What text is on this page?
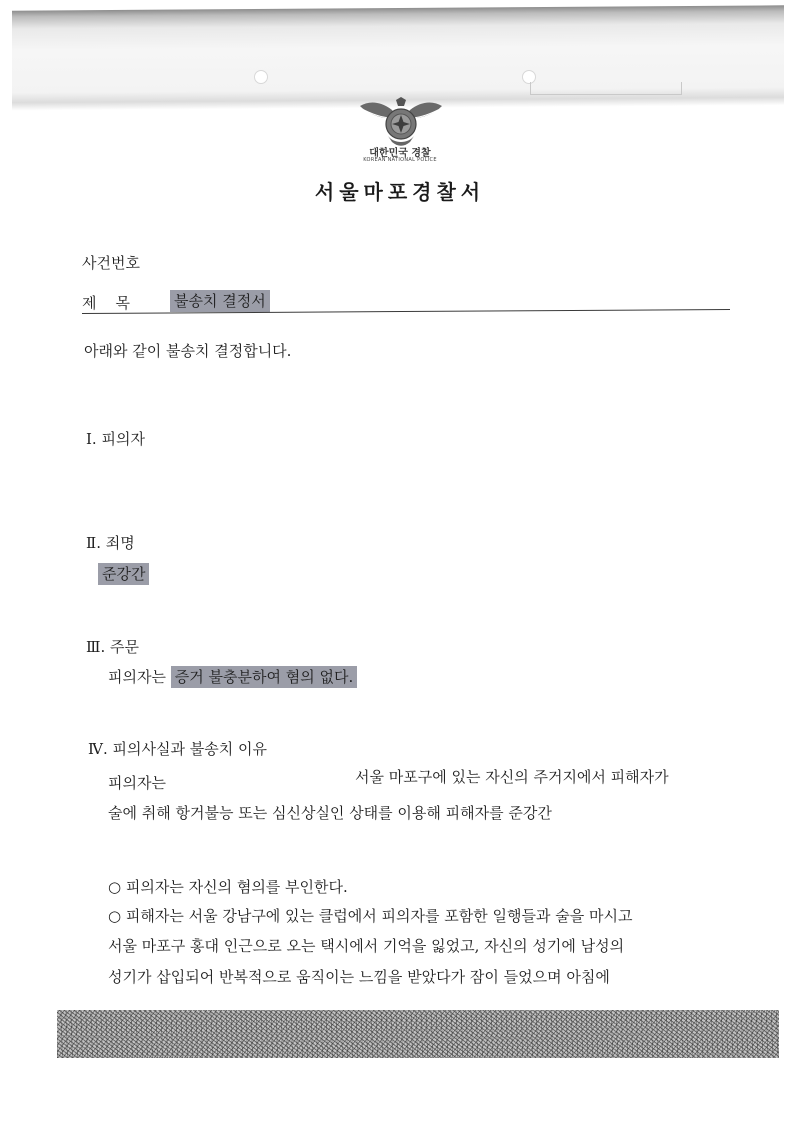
대한민국 경찰
KOREAN NATIONAL POLICE
서울마포경찰서
사건번호
제    목	불송치 결정서
아래와 같이 불송치 결정합니다.
Ⅰ. 피의자
Ⅱ. 죄명
준강간
Ⅲ. 주문
피의자는 증거 불충분하여 혐의 없다.
Ⅳ. 피의사실과 불송치 이유
피의자는	서울 마포구에 있는 자신의 주거지에서 피해자가
술에 취해 항거불능 또는 심신상실인 상태를 이용해 피해자를 준강간
○ 피의자는 자신의 혐의를 부인한다.
○ 피해자는 서울 강남구에 있는 클럽에서 피의자를 포함한 일행들과 술을 마시고
서울 마포구 홍대 인근으로 오는 택시에서 기억을 잃었고, 자신의 성기에 남성의
성기가 삽입되어 반복적으로 움직이는 느낌을 받았다가 잠이 들었으며 아침에
